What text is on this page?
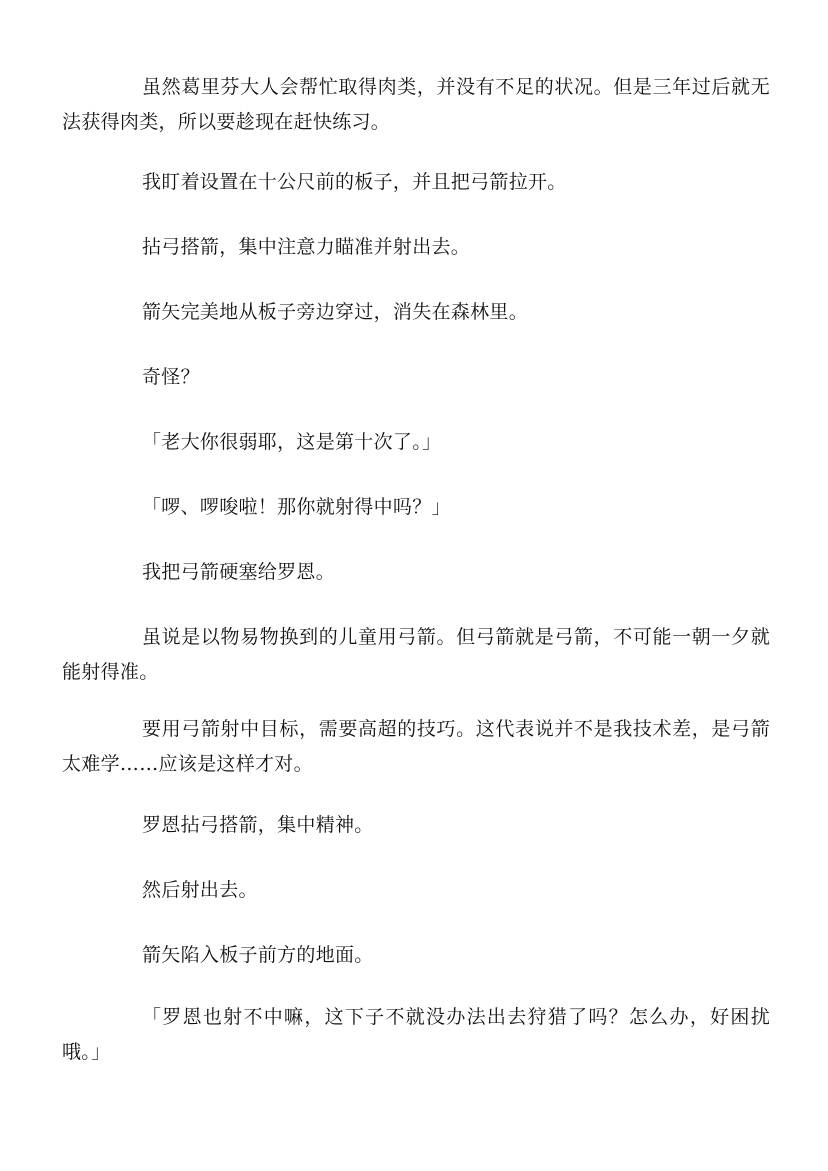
虽然葛里芬大人会帮忙取得肉类，并没有不足的状况。但是三年过后就无法获得肉类，所以要趁现在赶快练习。

我盯着设置在十公尺前的板子，并且把弓箭拉开。

拈弓搭箭，集中注意力瞄准并射出去。

箭矢完美地从板子旁边穿过，消失在森林里。

奇怪？

「老大你很弱耶，这是第十次了。」

「啰、啰唆啦！那你就射得中吗？」

我把弓箭硬塞给罗恩。

虽说是以物易物换到的儿童用弓箭。但弓箭就是弓箭，不可能一朝一夕就能射得准。

要用弓箭射中目标，需要高超的技巧。这代表说并不是我技术差，是弓箭太难学……应该是这样才对。

罗恩拈弓搭箭，集中精神。

然后射出去。

箭矢陷入板子前方的地面。

「罗恩也射不中嘛，这下子不就没办法出去狩猎了吗？怎么办，好困扰哦。」
